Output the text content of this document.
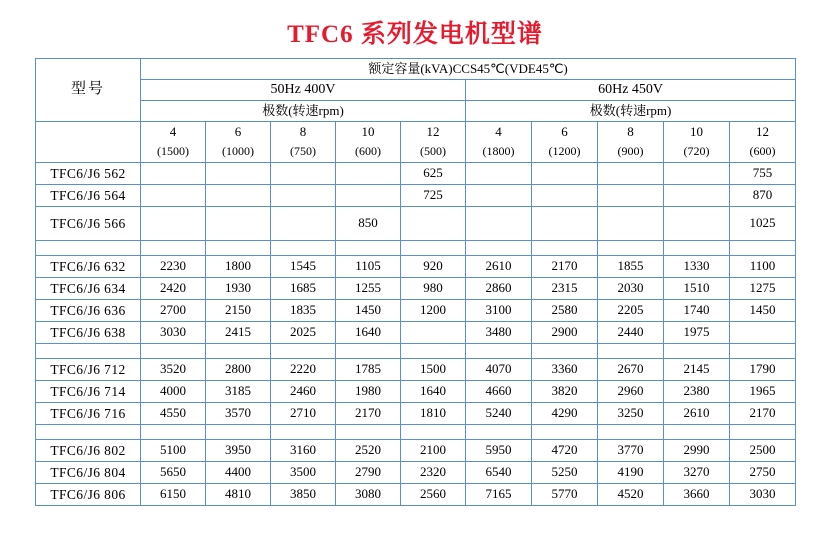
TFC6 系列发电机型谱
型号	额定容量(kVA)CCS45℃(VDE45℃)									
	50Hz 400V					60Hz 450V				
	极数(转速rpm)					极数(转速rpm)				
	4	6	8	10	12	4	6	8	10	12
	(1500)	(1000)	(750)	(600)	(500)	(1800)	(1200)	(900)	(720)	(600)
TFC6/J6 562					625					755
TFC6/J6 564					725					870
TFC6/J6 566				850						1025

TFC6/J6 632	2230	1800	1545	1105	920	2610	2170	1855	1330	1100
TFC6/J6 634	2420	1930	1685	1255	980	2860	2315	2030	1510	1275
TFC6/J6 636	2700	2150	1835	1450	1200	3100	2580	2205	1740	1450
TFC6/J6 638	3030	2415	2025	1640		3480	2900	2440	1975	

TFC6/J6 712	3520	2800	2220	1785	1500	4070	3360	2670	2145	1790
TFC6/J6 714	4000	3185	2460	1980	1640	4660	3820	2960	2380	1965
TFC6/J6 716	4550	3570	2710	2170	1810	5240	4290	3250	2610	2170

TFC6/J6 802	5100	3950	3160	2520	2100	5950	4720	3770	2990	2500
TFC6/J6 804	5650	4400	3500	2790	2320	6540	5250	4190	3270	2750
TFC6/J6 806	6150	4810	3850	3080	2560	7165	5770	4520	3660	3030
